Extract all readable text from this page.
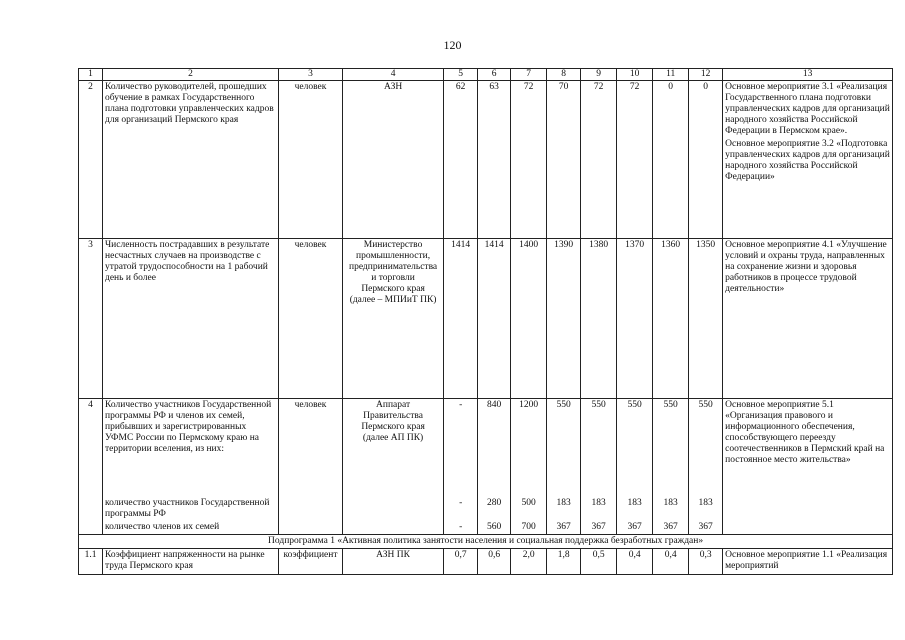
120
1	2	3	4	5	6	7	8	9	10	11	12	13
2	Количество руководителей, прошедших обучение в рамках Государственного плана подготовки управленческих кадров для организаций Пермского края	человек	АЗН	62	63	72	70	72	72	0	0	Основное мероприятие 3.1 «Реализация Государственного плана подготовки управленческих кадров для организаций народного хозяйства Российской Федерации в Пермском крае».
Основное мероприятие 3.2 «Подготовка управленческих кадров для организаций народного хозяйства Российской Федерации»

3	Численность пострадавших в результате несчастных случаев на производстве с утратой трудоспособности на 1 рабочий день и более	человек	Министерство промышленности, предпринимательства и торговли Пермского края (далее – МПИиТ ПК)	1414	1414	1400	1390	1380	1370	1360	1350	Основное мероприятие 4.1 «Улучшение условий и охраны труда, направленных на сохранение жизни и здоровья работников в процессе трудовой деятельности»
4	Количество участников Государственной программы РФ и членов их семей, прибывших и зарегистрированных УФМС России по Пермскому краю на территории вселения, из них:	человек	Аппарат Правительства Пермского края (далее АП ПК)	-	840	1200	550	550	550	550	550	Основное мероприятие 5.1 «Организация правового и информационного обеспечения, способствующего переезду соотечественников в Пермский край на постоянное место жительства»
	количество участников Государственной программы РФ			-	280	500	183	183	183	183	183	
	количество членов их семей			-	560	700	367	367	367	367	367	
Подпрограмма 1 «Активная политика занятости населения и социальная поддержка безработных граждан»												
1.1	Коэффициент напряженности на рынке труда Пермского края	коэффициент	АЗН ПК	0,7	0,6	2,0	1,8	0,5	0,4	0,4	0,3	Основное мероприятие 1.1 «Реализация мероприятий
